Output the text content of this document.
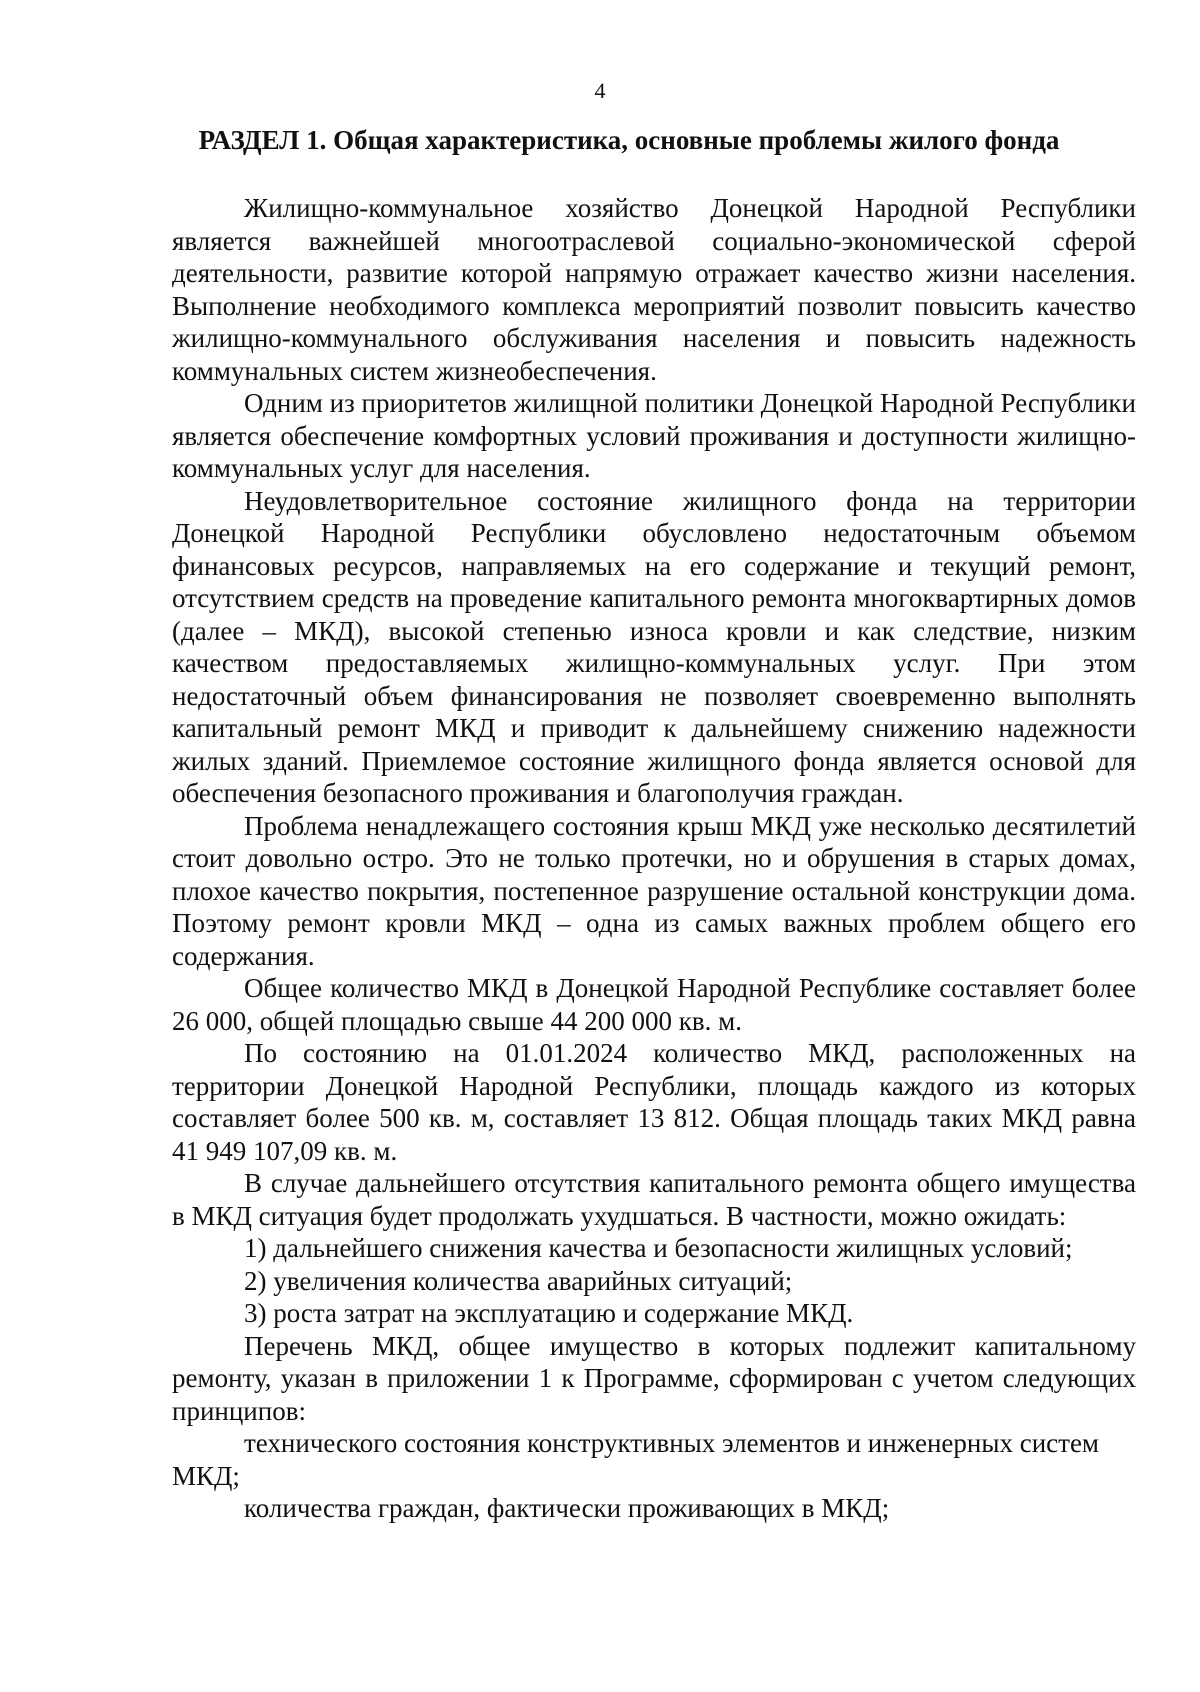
4
РАЗДЕЛ 1. Общая характеристика, основные проблемы жилого фонда

Жилищно-коммунальное хозяйство Донецкой Народной Республики является важнейшей многоотраслевой социально-экономической сферой деятельности, развитие которой напрямую отражает качество жизни населения. Выполнение необходимого комплекса мероприятий позволит повысить качество жилищно-коммунального обслуживания населения и повысить надежность коммунальных систем жизнеобеспечения.

Одним из приоритетов жилищной политики Донецкой Народной Республики является обеспечение комфортных условий проживания и доступности жилищно-коммунальных услуг для населения.

Неудовлетворительное состояние жилищного фонда на территории Донецкой Народной Республики обусловлено недостаточным объемом финансовых ресурсов, направляемых на его содержание и текущий ремонт, отсутствием средств на проведение капитального ремонта многоквартирных домов (далее – МКД), высокой степенью износа кровли и как следствие, низким качеством предоставляемых жилищно-коммунальных услуг. При этом недостаточный объем финансирования не позволяет своевременно выполнять капитальный ремонт МКД и приводит к дальнейшему снижению надежности жилых зданий. Приемлемое состояние жилищного фонда является основой для обеспечения безопасного проживания и благополучия граждан.

Проблема ненадлежащего состояния крыш МКД уже несколько десятилетий стоит довольно остро. Это не только протечки, но и обрушения в старых домах, плохое качество покрытия, постепенное разрушение остальной конструкции дома. Поэтому ремонт кровли МКД – одна из самых важных проблем общего его содержания.

Общее количество МКД в Донецкой Народной Республике составляет более 26 000, общей площадью свыше 44 200 000 кв. м.

По состоянию на 01.01.2024 количество МКД, расположенных на территории Донецкой Народной Республики, площадь каждого из которых составляет более 500 кв. м, составляет 13 812. Общая площадь таких МКД равна 41 949 107,09 кв. м.

В случае дальнейшего отсутствия капитального ремонта общего имущества в МКД ситуация будет продолжать ухудшаться. В частности, можно ожидать:

1) дальнейшего снижения качества и безопасности жилищных условий;

2) увеличения количества аварийных ситуаций;

3) роста затрат на эксплуатацию и содержание МКД.

Перечень МКД, общее имущество в которых подлежит капитальному ремонту, указан в приложении 1 к Программе, сформирован с учетом следующих принципов:

технического состояния конструктивных элементов и инженерных систем МКД;

количества граждан, фактически проживающих в МКД;
